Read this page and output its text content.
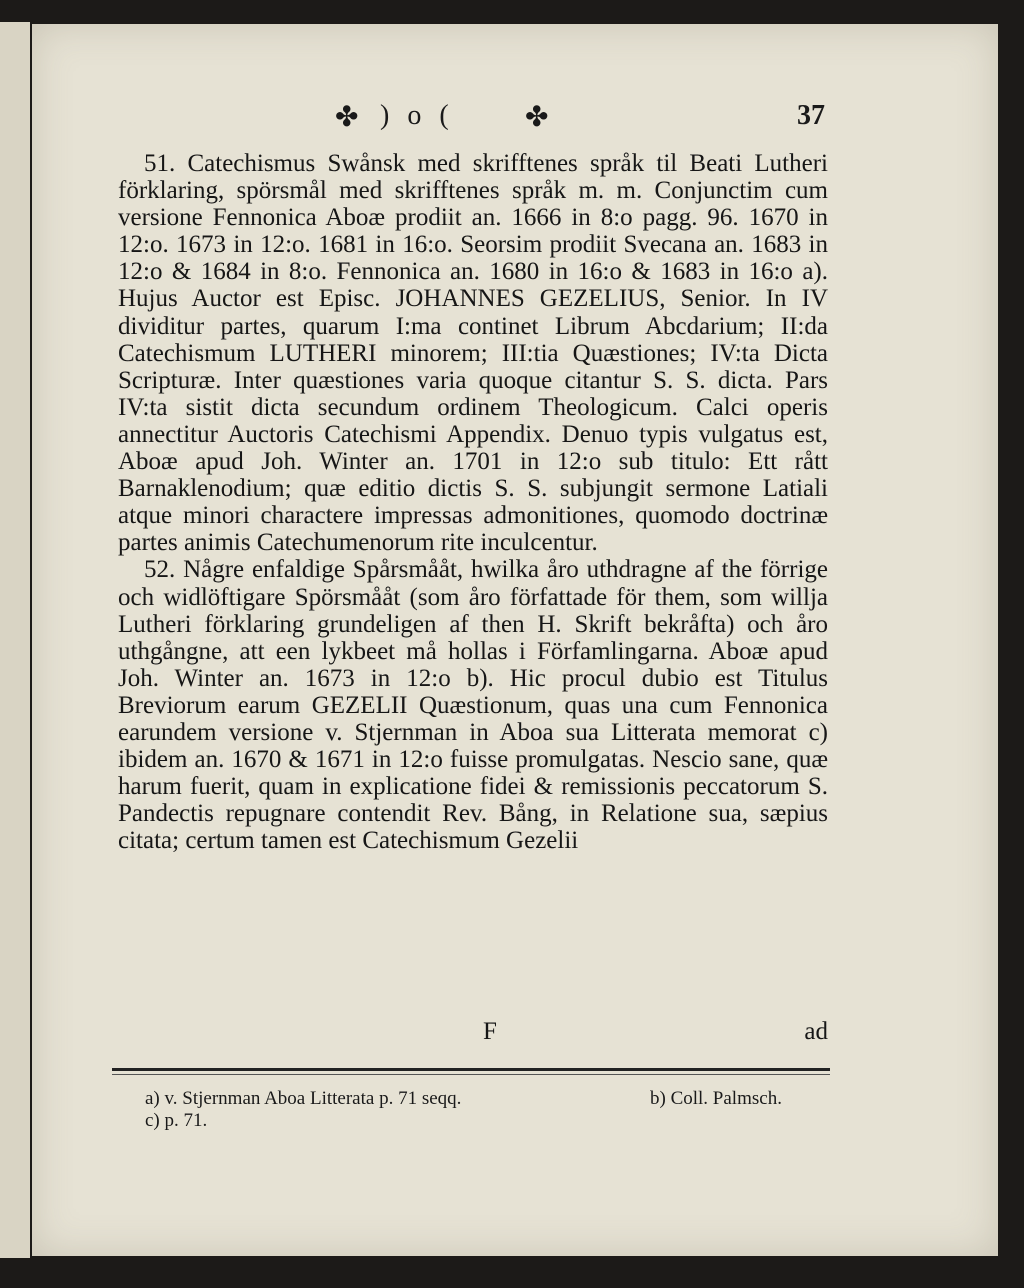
✤ )o( ✤	37

51. Catechismus Swånsk med skrifftenes språk til Beati Lutheri förklaring, spörsmål med skrifftenes språk m. m. Conjunctim cum versione Fennonica Aboæ prodiit an. 1666 in 8:o pagg. 96. 1670 in 12:o. 1673 in 12:o. 1681 in 16:o. Seorsim prodiit Svecana an. 1683 in 12:o & 1684 in 8:o. Fennonica an. 1680 in 16:o & 1683 in 16:o a). Hujus Auctor est Episc. JOHANNES GEZELIUS, Senior. In IV dividitur partes, quarum I:ma continet Librum Abcdarium; II:da Catechismum LUTHERI minorem; III:tia Quæstiones; IV:ta Dicta Scripturæ. Inter quæstiones varia quoque citantur S. S. dicta. Pars IV:ta sistit dicta secundum ordinem Theologicum. Calci operis annectitur Auctoris Catechismi Appendix. Denuo typis vulgatus est, Aboæ apud Joh. Winter an. 1701 in 12:o sub titulo: Ett rått Barnaklenodium; quæ editio dictis S. S. subjungit sermone Latiali atque minori charactere impressas admonitiones, quomodo doctrinæ partes animis Catechumenorum rite inculcentur.

52. Någre enfaldige Spårsmååt, hwilka åro uthdragne af the förrige och widlöftigare Spörsmååt (som åro författade för them, som willja Lutheri förklaring grundeligen af then H. Skrift bekråfta) och åro uthgångne, att een lykbeet må hollas i Förfamlingarna. Aboæ apud Joh. Winter an. 1673 in 12:o b). Hic procul dubio est Titulus Breviorum earum GEZELII Quæstionum, quas una cum Fennonica earundem versione v. Stjernman in Aboa sua Litterata memorat c) ibidem an. 1670 & 1671 in 12:o fuisse promulgatas. Nescio sane, quæ harum fuerit, quam in explicatione fidei & remissionis peccatorum S. Pandectis repugnare contendit Rev. Bång, in Relatione sua, sæpius citata; certum tamen est Catechismum Gezelii

F	ad
a) v. Stjernman Aboa Litterata p. 71 seqq.	b) Coll. Palmsch.
c) p. 71.
